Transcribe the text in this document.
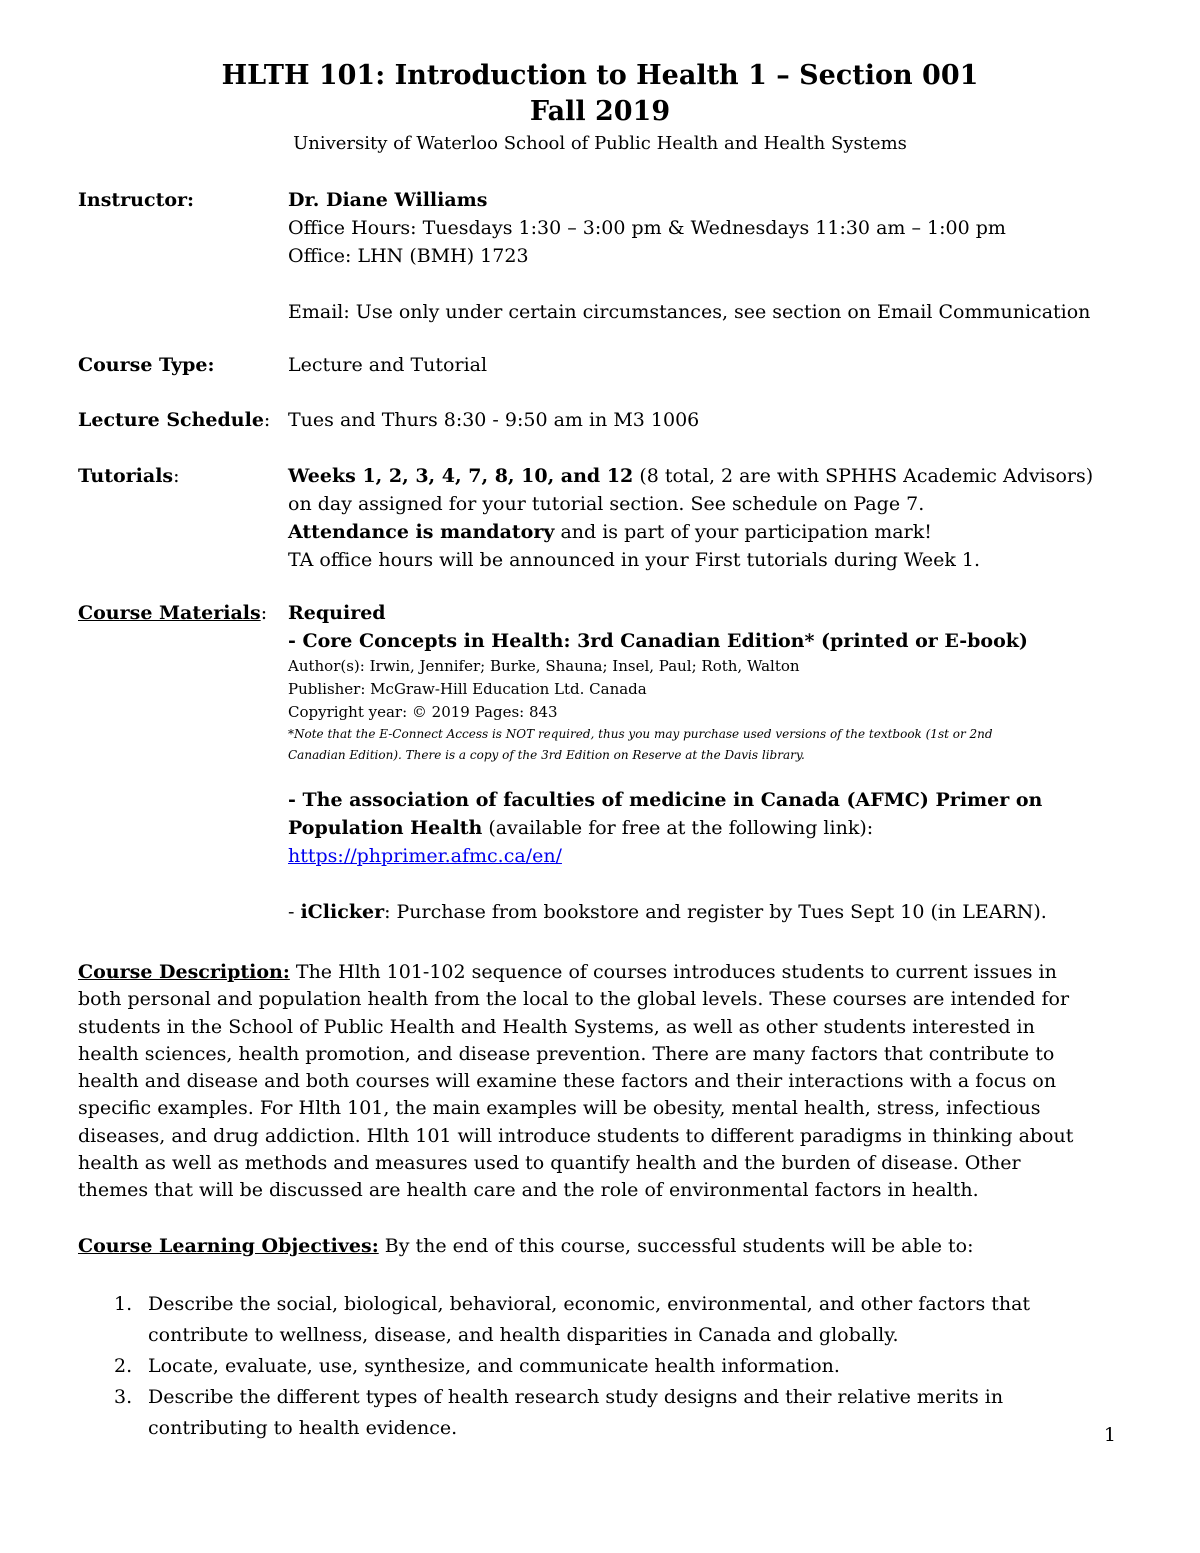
HLTH 101: Introduction to Health 1 – Section 001
Fall 2019
University of Waterloo School of Public Health and Health Systems
Instructor:	Dr. Diane Williams
Office Hours: Tuesdays 1:30 – 3:00 pm & Wednesdays 11:30 am – 1:00 pm
Office: LHN (BMH) 1723
Email: Use only under certain circumstances, see section on Email Communication
Course Type:	Lecture and Tutorial
Lecture Schedule: Tues and Thurs 8:30 - 9:50 am in M3 1006
Tutorials:	Weeks 1, 2, 3, 4, 7, 8, 10, and 12 (8 total, 2 are with SPHHS Academic Advisors)
on day assigned for your tutorial section. See schedule on Page 7.
Attendance is mandatory and is part of your participation mark!
TA office hours will be announced in your First tutorials during Week 1.
Course Materials: Required
- Core Concepts in Health: 3rd Canadian Edition* (printed or E-book)
Author(s): Irwin, Jennifer; Burke, Shauna; Insel, Paul; Roth, Walton
Publisher: McGraw-Hill Education Ltd. Canada
Copyright year: © 2019 Pages: 843
*Note that the E-Connect Access is NOT required, thus you may purchase used versions of the textbook (1st or 2nd
Canadian Edition). There is a copy of the 3rd Edition on Reserve at the Davis library.
- The association of faculties of medicine in Canada (AFMC) Primer on
Population Health (available for free at the following link):
https://phprimer.afmc.ca/en/
- iClicker: Purchase from bookstore and register by Tues Sept 10 (in LEARN).
Course Description: The Hlth 101-102 sequence of courses introduces students to current issues in
both personal and population health from the local to the global levels. These courses are intended for
students in the School of Public Health and Health Systems, as well as other students interested in
health sciences, health promotion, and disease prevention. There are many factors that contribute to
health and disease and both courses will examine these factors and their interactions with a focus on
specific examples. For Hlth 101, the main examples will be obesity, mental health, stress, infectious
diseases, and drug addiction. Hlth 101 will introduce students to different paradigms in thinking about
health as well as methods and measures used to quantify health and the burden of disease. Other
themes that will be discussed are health care and the role of environmental factors in health.
Course Learning Objectives: By the end of this course, successful students will be able to:
1. Describe the social, biological, behavioral, economic, environmental, and other factors that
contribute to wellness, disease, and health disparities in Canada and globally.
2. Locate, evaluate, use, synthesize, and communicate health information.
3. Describe the different types of health research study designs and their relative merits in
contributing to health evidence.	1
